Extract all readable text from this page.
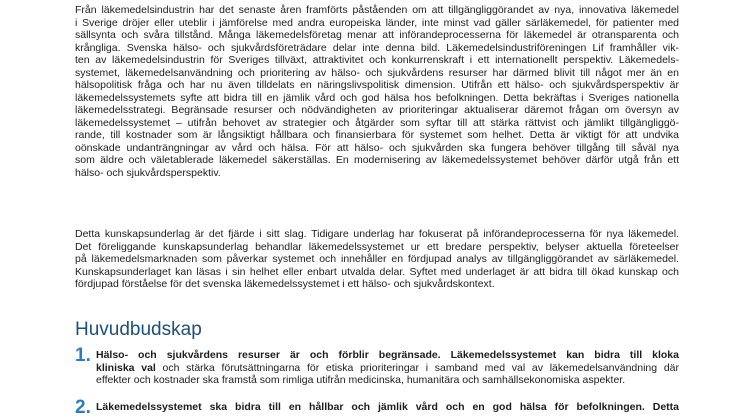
Från läkemedelsindustrin har det senaste åren framförts påståenden om att tillgängliggörandet av nya, innovativa läkemedel
i Sverige dröjer eller uteblir i jämförelse med andra europeiska länder, inte minst vad gäller särläkemedel, för patienter med
sällsynta och svåra tillstånd. Många läkemedelsföretag menar att införandeprocesserna för läkemedel är otransparenta och
krångliga. Svenska hälso- och sjukvårdsföreträdare delar inte denna bild. Läkemedelsindustriföreningen Lif framhåller vik-
ten av läkemedelsindustrin för Sveriges tillväxt, attraktivitet och konkurrenskraft i ett internationellt perspektiv. Läkemedels-
systemet, läkemedelsanvändning och prioritering av hälso- och sjukvårdens resurser har därmed blivit till något mer än en
hälsopolitisk fråga och har nu även tilldelats en näringslivspolitisk dimension. Utifrån ett hälso- och sjukvårdsperspektiv är
läkemedelssystemets syfte att bidra till en jämlik vård och god hälsa hos befolkningen. Detta bekräftas i Sveriges nationella
läkemedelsstrategi. Begränsade resurser och nödvändigheten av prioriteringar aktualiserar däremot frågan om översyn av
läkemedelssystemet – utifrån behovet av strategier och åtgärder som syftar till att stärka rättvist och jämlikt tillgängliggö-
rande, till kostnader som är långsiktigt hållbara och finansierbara för systemet som helhet. Detta är viktigt för att undvika
oönskade undanträngningar av vård och hälsa. För att hälso- och sjukvården ska fungera behöver tillgång till såväl nya
som äldre och väletablerade läkemedel säkerställas. En modernisering av läkemedelssystemet behöver därför utgå från ett
hälso- och sjukvårdsperspektiv.
Detta kunskapsunderlag är det fjärde i sitt slag. Tidigare underlag har fokuserat på införandeprocesserna för nya läkemedel.
Det föreliggande kunskapsunderlag behandlar läkemedelssystemet ur ett bredare perspektiv, belyser aktuella företeelser
på läkemedelsmarknaden som påverkar systemet och innehåller en fördjupad analys av tillgängliggörandet av särläkemedel.
Kunskapsunderlaget kan läsas i sin helhet eller enbart utvalda delar. Syftet med underlaget är att bidra till ökad kunskap och
fördjupad förståelse för det svenska läkemedelssystemet i ett hälso- och sjukvårdskontext.
Huvudbudskap
1. Hälso- och sjukvårdens resurser är och förblir begränsade. Läkemedelssystemet kan bidra till kloka
kliniska val och stärka förutsättningarna för etiska prioriteringar i samband med val av läkemedelsanvändning där
effekter och kostnader ska framstå som rimliga utifrån medicinska, humanitära och samhällsekonomiska aspekter.
2. Läkemedelssystemet ska bidra till en hållbar och jämlik vård och en god hälsa för befolkningen. Detta
